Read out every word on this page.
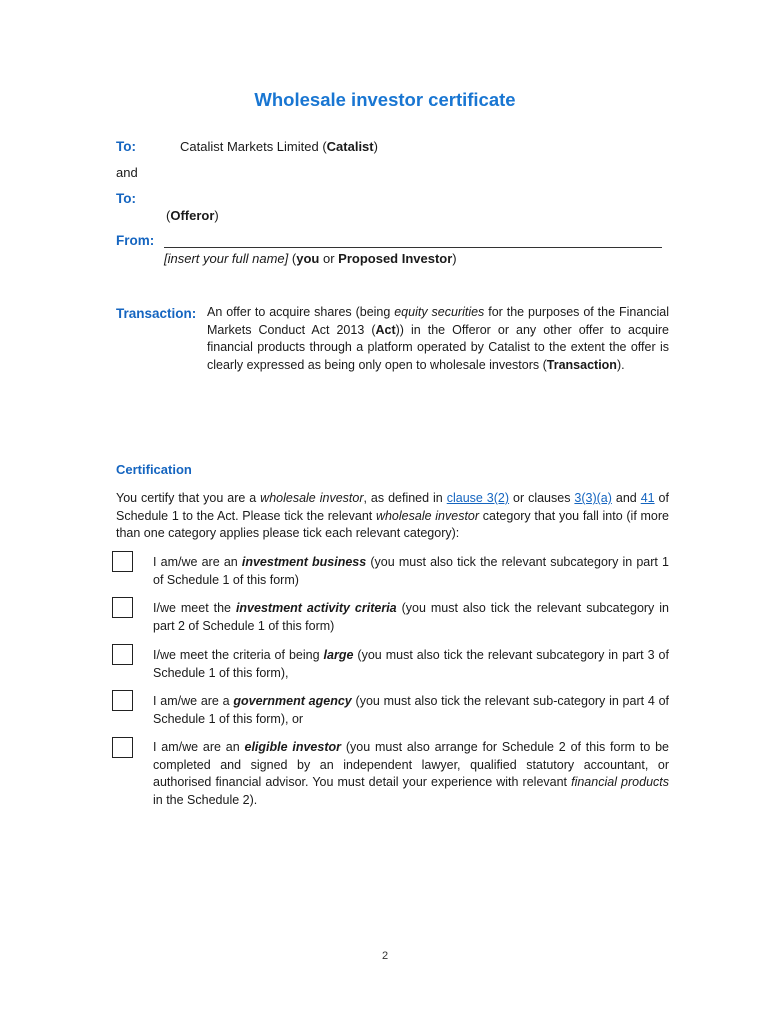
Wholesale investor certificate
To:	Catalist Markets Limited (Catalist)
and
To:
(Offeror)
From:
[insert your full name] (you or Proposed Investor)
Transaction: An offer to acquire shares (being equity securities for the purposes of the Financial Markets Conduct Act 2013 (Act)) in the Offeror or any other offer to acquire financial products through a platform operated by Catalist to the extent the offer is clearly expressed as being only open to wholesale investors (Transaction).
Certification
You certify that you are a wholesale investor, as defined in clause 3(2) or clauses 3(3)(a) and 41 of Schedule 1 to the Act. Please tick the relevant wholesale investor category that you fall into (if more than one category applies please tick each relevant category):
I am/we are an investment business (you must also tick the relevant subcategory in part 1 of Schedule 1 of this form)
I/we meet the investment activity criteria (you must also tick the relevant subcategory in part 2 of Schedule 1 of this form)
I/we meet the criteria of being large (you must also tick the relevant subcategory in part 3 of Schedule 1 of this form),
I am/we are a government agency (you must also tick the relevant sub-category in part 4 of Schedule 1 of this form), or
I am/we are an eligible investor (you must also arrange for Schedule 2 of this form to be completed and signed by an independent lawyer, qualified statutory accountant, or authorised financial advisor. You must detail your experience with relevant financial products in the Schedule 2).
2
